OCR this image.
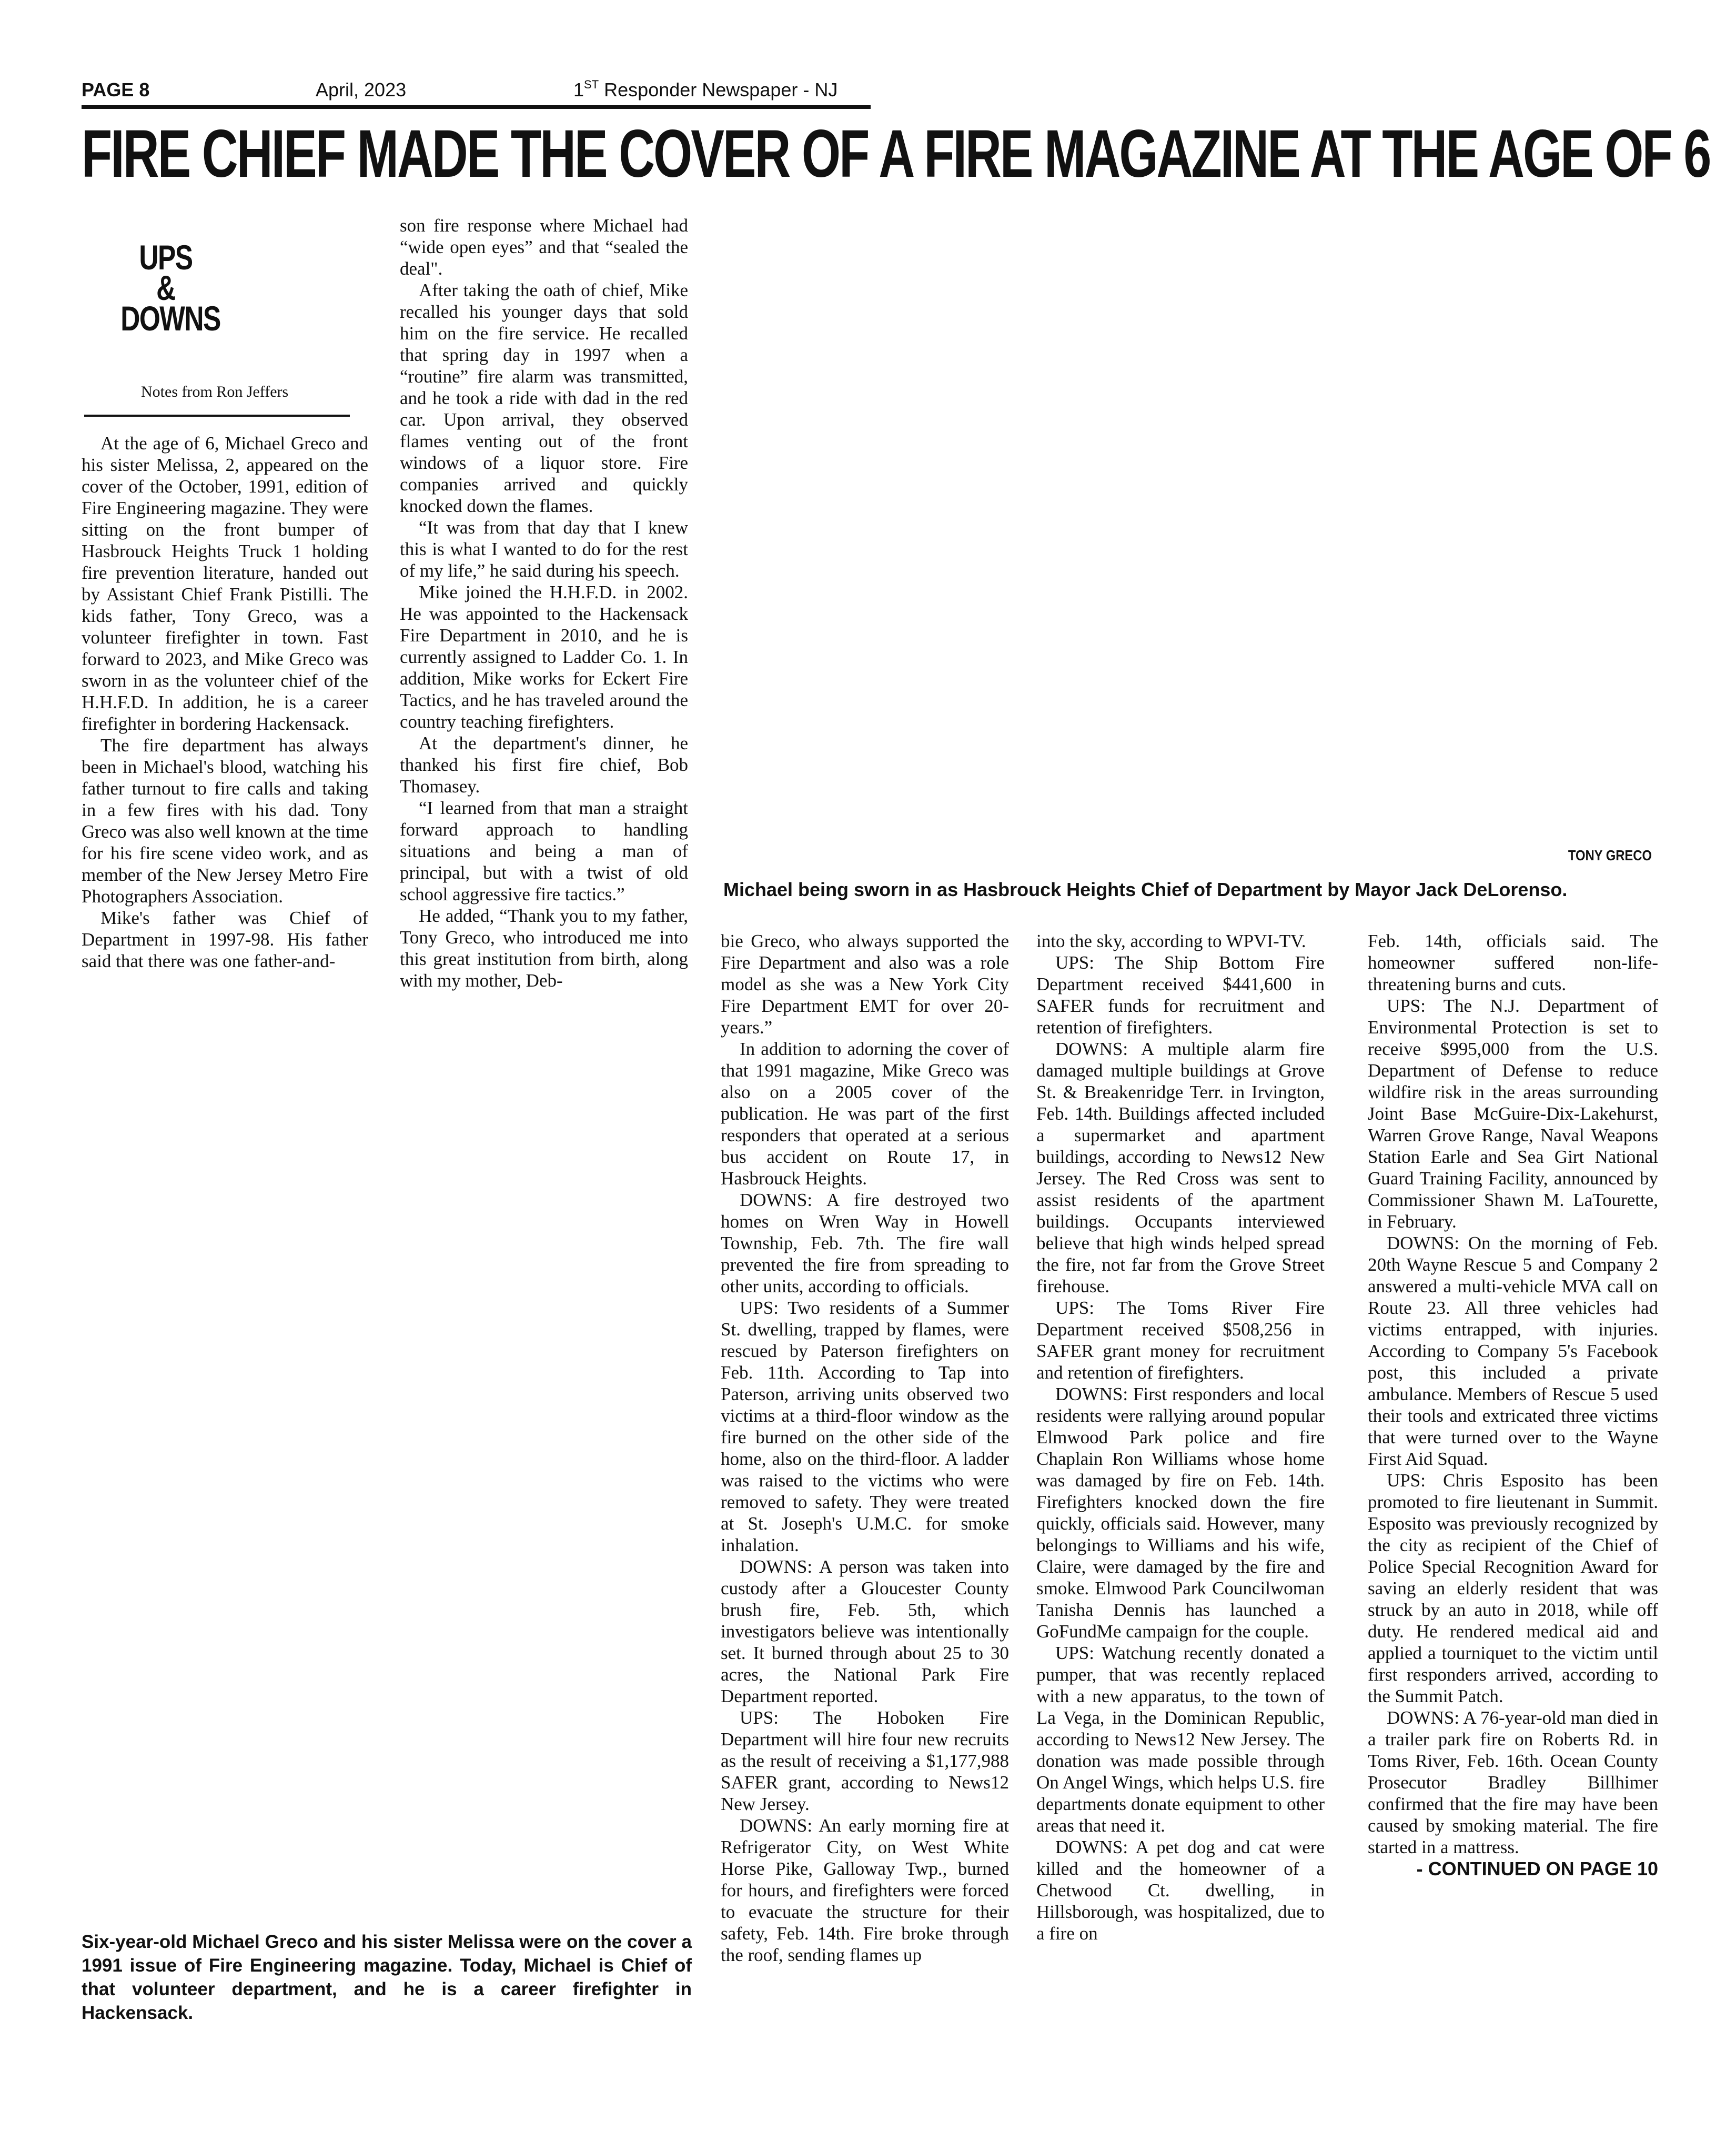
PAGE 8	April, 2023	1ST Responder Newspaper - NJ
FIRE CHIEF MADE THE COVER OF A FIRE MAGAZINE AT THE AGE OF 6
UPS
&
DOWNS
Notes from Ron Jeffers

At the age of 6, Michael Greco and his sister Melissa, 2, appeared on the cover of the October, 1991, edition of Fire Engineering magazine. They were sitting on the front bumper of Hasbrouck Heights Truck 1 holding fire prevention literature, handed out by Assistant Chief Frank Pistilli. The kids father, Tony Greco, was a volunteer firefighter in town. Fast forward to 2023, and Mike Greco was sworn in as the volunteer chief of the H.H.F.D. In addition, he is a career firefighter in bordering Hackensack.

The fire department has always been in Michael's blood, watching his father turnout to fire calls and taking in a few fires with his dad. Tony Greco was also well known at the time for his fire scene video work, and as member of the New Jersey Metro Fire Photographers Association.

Mike's father was Chief of Department in 1997-98. His father said that there was one father-and-

son fire response where Michael had “wide open eyes” and that “sealed the deal".

After taking the oath of chief, Mike recalled his younger days that sold him on the fire service. He recalled that spring day in 1997 when a “routine” fire alarm was transmitted, and he took a ride with dad in the red car. Upon arrival, they observed flames venting out of the front windows of a liquor store. Fire companies arrived and quickly knocked down the flames.

“It was from that day that I knew this is what I wanted to do for the rest of my life,” he said during his speech.

Mike joined the H.H.F.D. in 2002. He was appointed to the Hackensack Fire Department in 2010, and he is currently assigned to Ladder Co. 1. In addition, Mike works for Eckert Fire Tactics, and he has traveled around the country teaching firefighters.

At the department's dinner, he thanked his first fire chief, Bob Thomasey.

“I learned from that man a straight forward approach to handling situations and being a man of principal, but with a twist of old school aggressive fire tactics.”

He added, “Thank you to my father, Tony Greco, who introduced me into this great institution from birth, along with my mother, Deb-

TONY GRECO
Michael being sworn in as Hasbrouck Heights Chief of Department by Mayor Jack DeLorenso.

bie Greco, who always supported the Fire Department and also was a role model as she was a New York City Fire Department EMT for over 20-years.”

In addition to adorning the cover of that 1991 magazine, Mike Greco was also on a 2005 cover of the publication. He was part of the first responders that operated at a serious bus accident on Route 17, in Hasbrouck Heights.

DOWNS: A fire destroyed two homes on Wren Way in Howell Township, Feb. 7th. The fire wall prevented the fire from spreading to other units, according to officials.

UPS: Two residents of a Summer St. dwelling, trapped by flames, were rescued by Paterson firefighters on Feb. 11th. According to Tap into Paterson, arriving units observed two victims at a third-floor window as the fire burned on the other side of the home, also on the third-floor. A ladder was raised to the victims who were removed to safety. They were treated at St. Joseph's U.M.C. for smoke inhalation.

DOWNS: A person was taken into custody after a Gloucester County brush fire, Feb. 5th, which investigators believe was intentionally set. It burned through about 25 to 30 acres, the National Park Fire Department reported.

UPS: The Hoboken Fire Department will hire four new recruits as the result of receiving a $1,177,988 SAFER grant, according to News12 New Jersey.

DOWNS: An early morning fire at Refrigerator City, on West White Horse Pike, Galloway Twp., burned for hours, and firefighters were forced to evacuate the structure for their safety, Feb. 14th. Fire broke through the roof, sending flames up

into the sky, according to WPVI-TV.

UPS: The Ship Bottom Fire Department received $441,600 in SAFER funds for recruitment and retention of firefighters.

DOWNS: A multiple alarm fire damaged multiple buildings at Grove St. & Breakenridge Terr. in Irvington, Feb. 14th. Buildings affected included a supermarket and apartment buildings, according to News12 New Jersey. The Red Cross was sent to assist residents of the apartment buildings. Occupants interviewed believe that high winds helped spread the fire, not far from the Grove Street firehouse.

UPS: The Toms River Fire Department received $508,256 in SAFER grant money for recruitment and retention of firefighters.

DOWNS: First responders and local residents were rallying around popular Elmwood Park police and fire Chaplain Ron Williams whose home was damaged by fire on Feb. 14th. Firefighters knocked down the fire quickly, officials said. However, many belongings to Williams and his wife, Claire, were damaged by the fire and smoke. Elmwood Park Councilwoman Tanisha Dennis has launched a GoFundMe campaign for the couple.

UPS: Watchung recently donated a pumper, that was recently replaced with a new apparatus, to the town of La Vega, in the Dominican Republic, according to News12 New Jersey. The donation was made possible through On Angel Wings, which helps U.S. fire departments donate equipment to other areas that need it.

DOWNS: A pet dog and cat were killed and the homeowner of a Chetwood Ct. dwelling, in Hillsborough, was hospitalized, due to a fire on

Feb. 14th, officials said. The homeowner suffered non-life-threatening burns and cuts.

UPS: The N.J. Department of Environmental Protection is set to receive $995,000 from the U.S. Department of Defense to reduce wildfire risk in the areas surrounding Joint Base McGuire-Dix-Lakehurst, Warren Grove Range, Naval Weapons Station Earle and Sea Girt National Guard Training Facility, announced by Commissioner Shawn M. LaTourette, in February.

DOWNS: On the morning of Feb. 20th Wayne Rescue 5 and Company 2 answered a multi-vehicle MVA call on Route 23. All three vehicles had victims entrapped, with injuries. According to Company 5's Facebook post, this included a private ambulance. Members of Rescue 5 used their tools and extricated three victims that were turned over to the Wayne First Aid Squad.

UPS: Chris Esposito has been promoted to fire lieutenant in Summit. Esposito was previously recognized by the city as recipient of the Chief of Police Special Recognition Award for saving an elderly resident that was struck by an auto in 2018, while off duty. He rendered medical aid and applied a tourniquet to the victim until first responders arrived, according to the Summit Patch.

DOWNS: A 76-year-old man died in a trailer park fire on Roberts Rd. in Toms River, Feb. 16th. Ocean County Prosecutor Bradley Billhimer confirmed that the fire may have been caused by smoking material. The fire started in a mattress.

- CONTINUED ON PAGE 10

Six-year-old Michael Greco and his sister Melissa were on the cover a 1991 issue of Fire Engineering magazine. Today, Michael is Chief of that volunteer department, and he is a career firefighter in Hackensack.
